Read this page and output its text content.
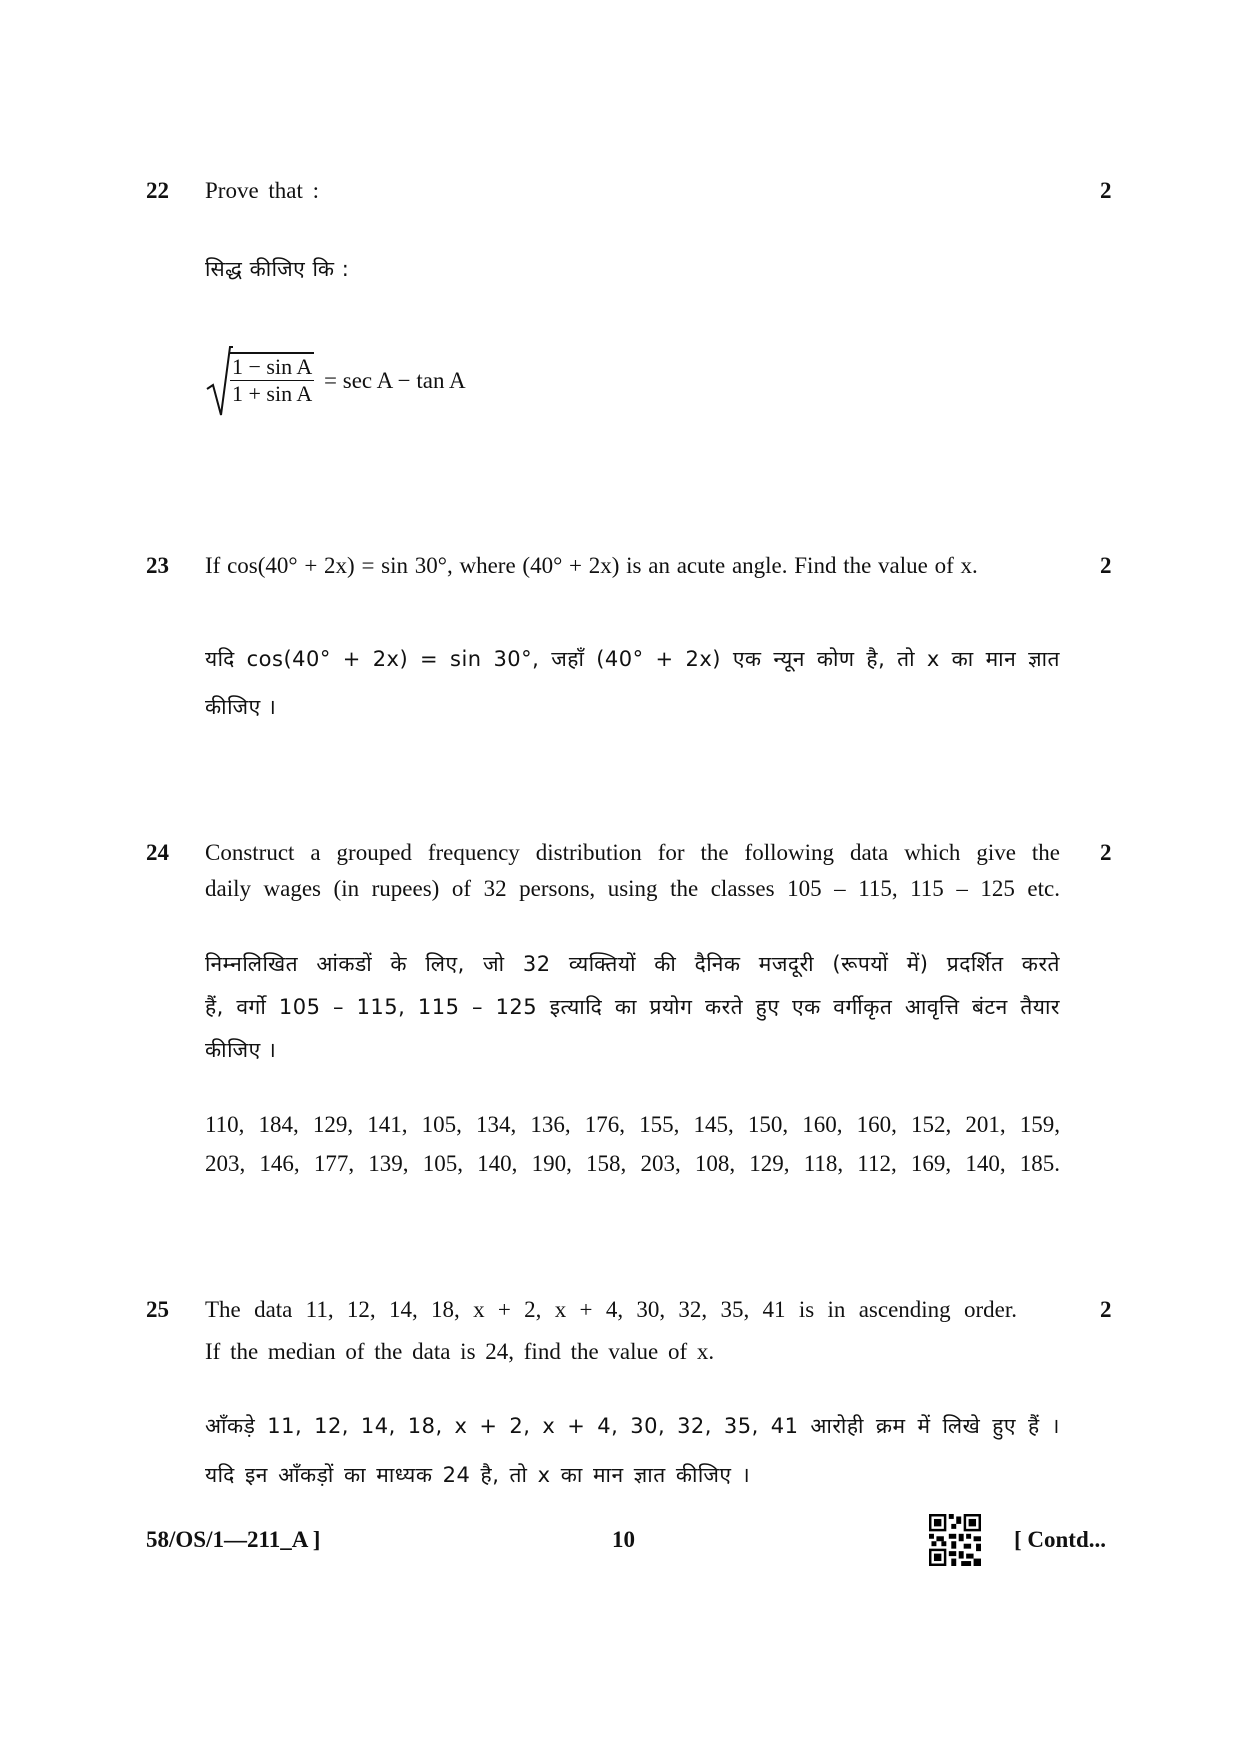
22 Prove that :	2
सिद्ध कीजिए कि :
$\frac{\text{1 − sin A}}{\text{1 + sin A}} = \sec A - \tan A$
23 If cos(40° + 2x) = sin 30°, where (40° + 2x) is an acute angle. Find the value of x.	2
यदि cos(40° + 2x) = sin 30°, जहाँ (40° + 2x) एक न्यून कोण है, तो x का मान ज्ञात
कीजिए ।
24 Construct a grouped frequency distribution for the following data which give the 2
daily wages (in rupees) of 32 persons, using the classes 105 – 115, 115 – 125 etc.
निम्नलिखित आंकडों के लिए, जो 32 व्यक्तियों की दैनिक मजदूरी (रूपयों में) प्रदर्शित करते
हैं, वर्गो 105 – 115, 115 – 125 इत्यादि का प्रयोग करते हुए एक वर्गीकृत आवृत्ति बंटन तैयार
कीजिए ।
110, 184, 129, 141, 105, 134, 136, 176, 155, 145, 150, 160, 160, 152, 201, 159,
203, 146, 177, 139, 105, 140, 190, 158, 203, 108, 129, 118, 112, 169, 140, 185.
25 The data 11, 12, 14, 18, x + 2, x + 4, 30, 32, 35, 41 is in ascending order.	2
If the median of the data is 24, find the value of x.
आँकड़े 11, 12, 14, 18, x + 2, x + 4, 30, 32, 35, 41 आरोही क्रम में लिखे हुए हैं ।
यदि इन आँकड़ों का माध्यक 24 है, तो x का मान ज्ञात कीजिए ।
58/OS/1—211_A ]	10	[ Contd...
